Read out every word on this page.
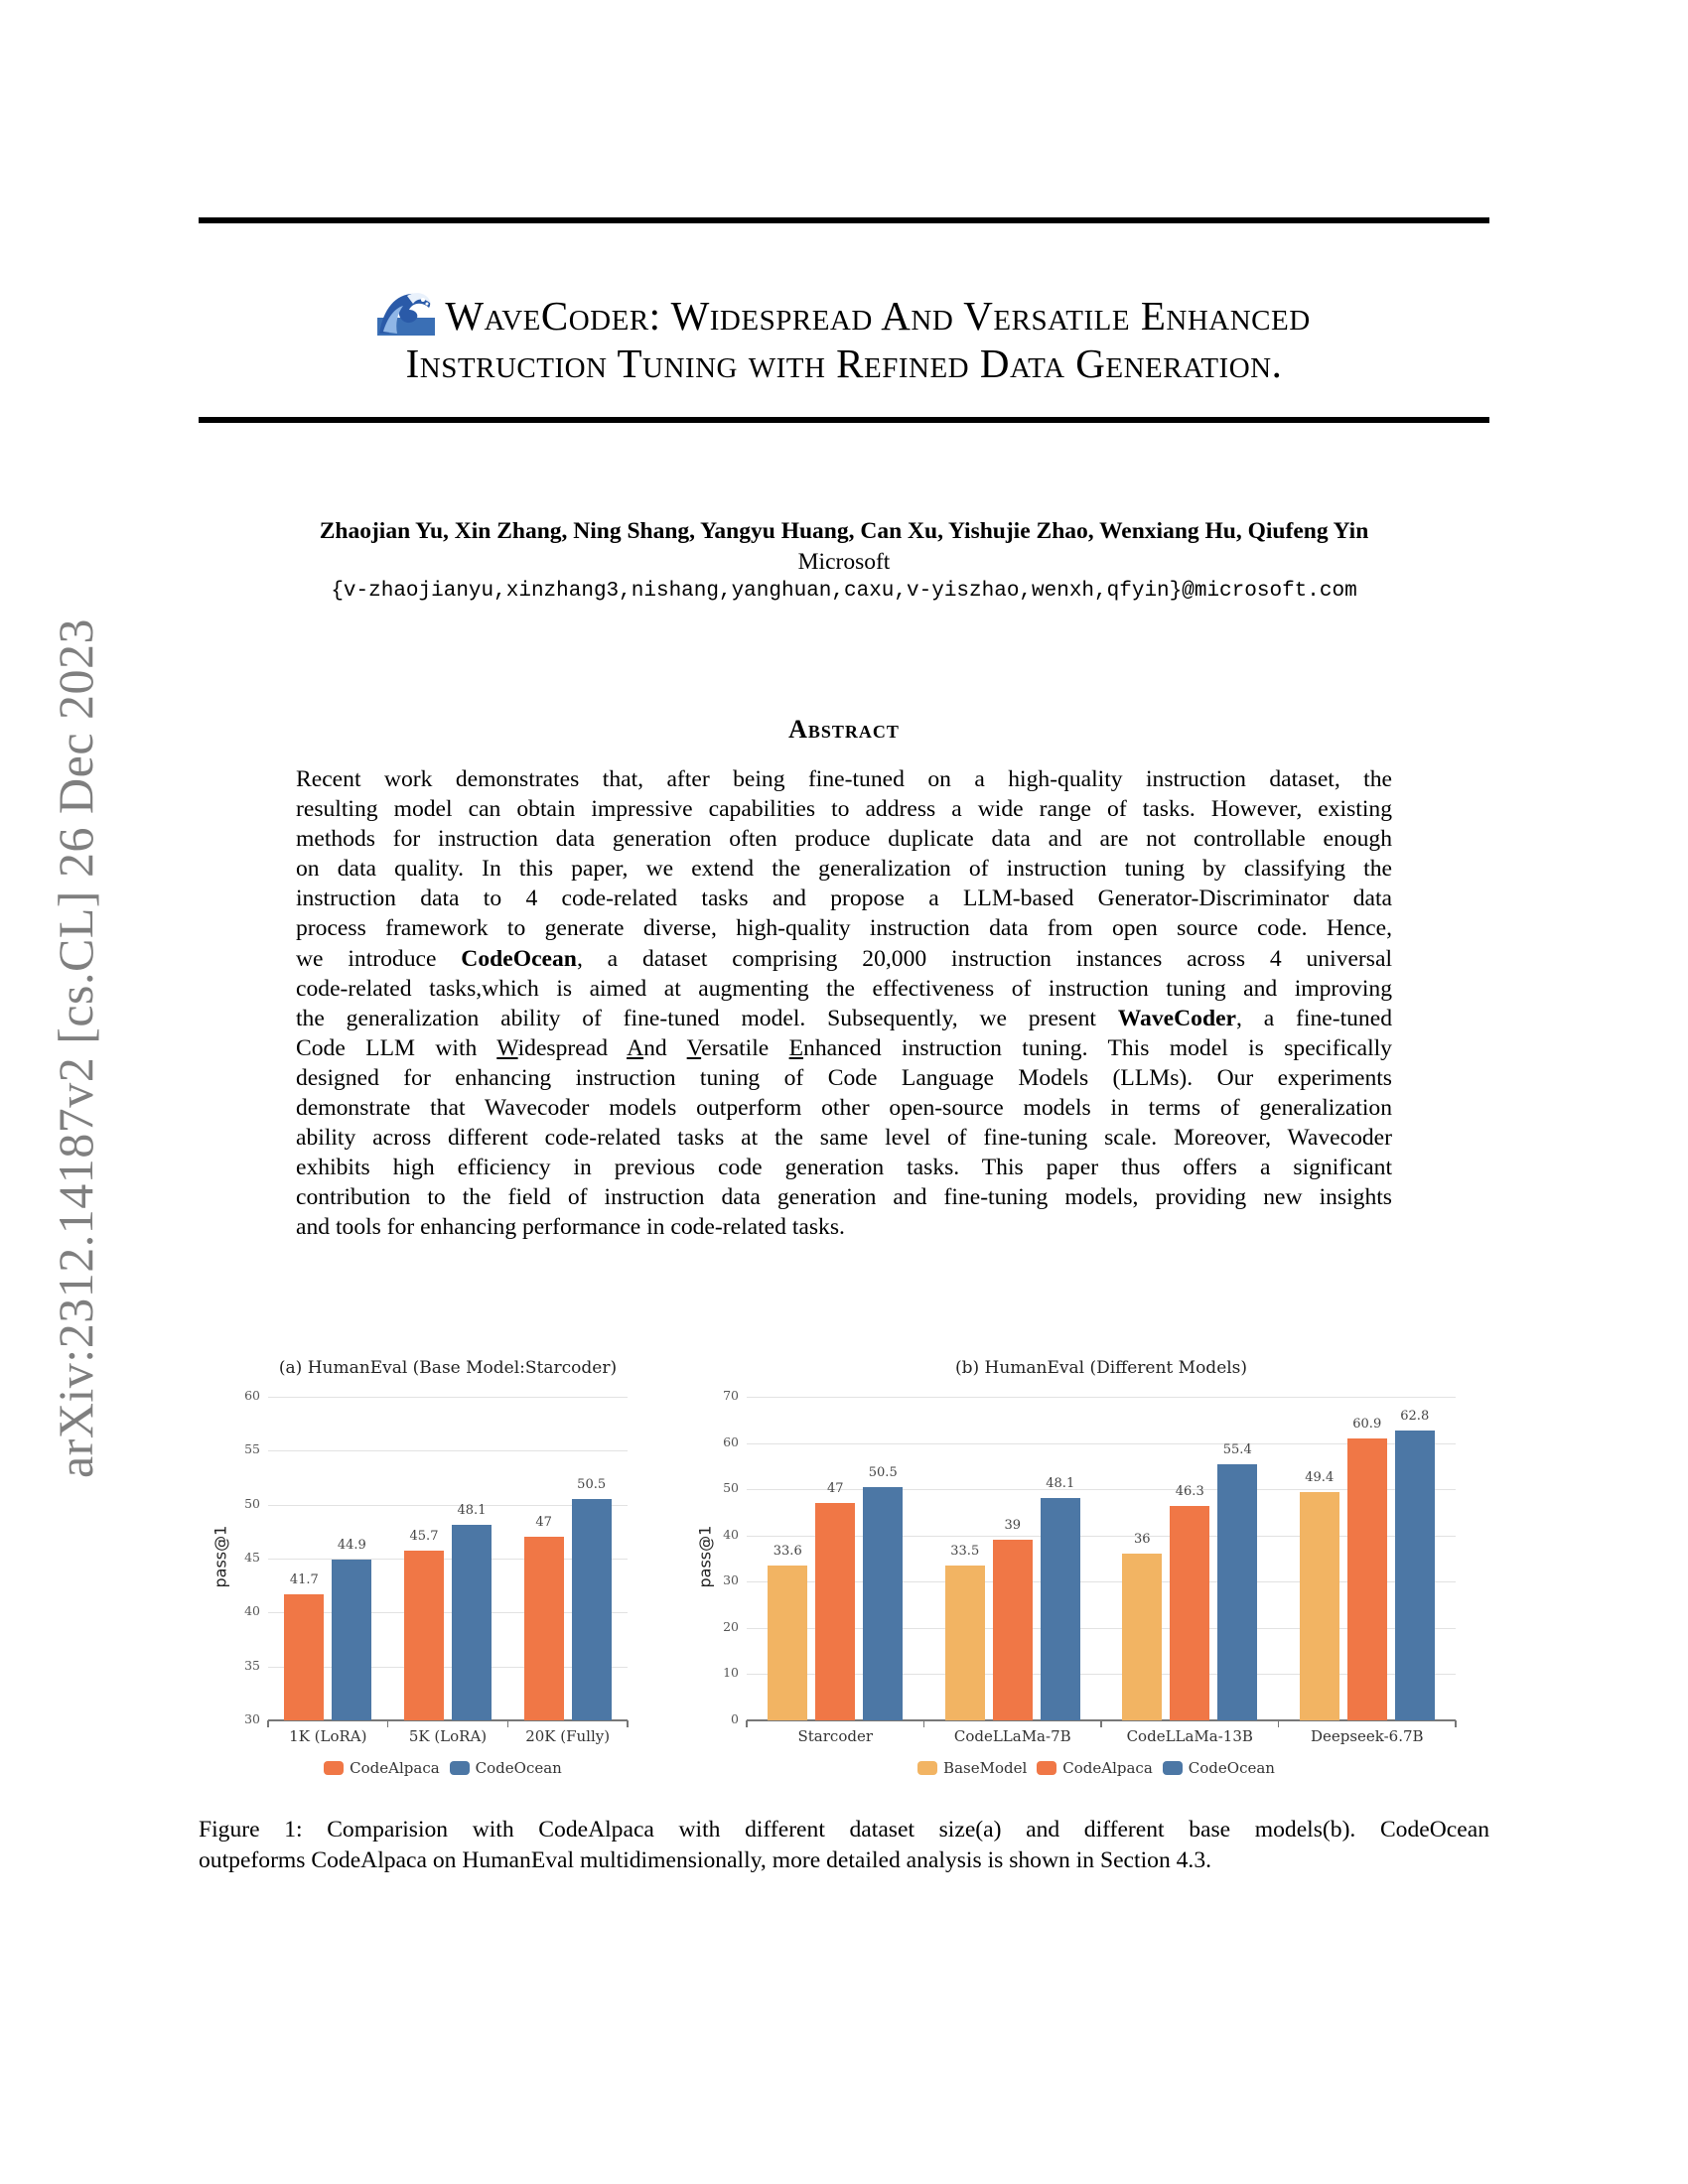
arXiv:2312.14187v2 [cs.CL] 26 Dec 2023
WaveCoder: Widespread And Versatile Enhanced
Instruction Tuning with Refined Data Generation.
Zhaojian Yu, Xin Zhang, Ning Shang, Yangyu Huang, Can Xu, Yishujie Zhao, Wenxiang Hu, Qiufeng Yin
Microsoft
{v-zhaojianyu,xinzhang3,nishang,yanghuan,caxu,v-yiszhao,wenxh,qfyin}@microsoft.com
Abstract
Recent work demonstrates that, after being fine-tuned on a high-quality instruction dataset, the
resulting model can obtain impressive capabilities to address a wide range of tasks. However, existing
methods for instruction data generation often produce duplicate data and are not controllable enough
on data quality. In this paper, we extend the generalization of instruction tuning by classifying the
instruction data to 4 code-related tasks and propose a LLM-based Generator-Discriminator data
process framework to generate diverse, high-quality instruction data from open source code. Hence,
we introduce CodeOcean, a dataset comprising 20,000 instruction instances across 4 universal
code-related tasks,which is aimed at augmenting the effectiveness of instruction tuning and improving
the generalization ability of fine-tuned model. Subsequently, we present WaveCoder, a fine-tuned
Code LLM with Widespread And Versatile Enhanced instruction tuning. This model is specifically
designed for enhancing instruction tuning of Code Language Models (LLMs). Our experiments
demonstrate that Wavecoder models outperform other open-source models in terms of generalization
ability across different code-related tasks at the same level of fine-tuning scale. Moreover, Wavecoder
exhibits high efficiency in previous code generation tasks. This paper thus offers a significant
contribution to the field of instruction data generation and fine-tuning models, providing new insights
and tools for enhancing performance in code-related tasks.
(a) HumanEval (Base Model:Starcoder)
pass@1
30
35
40
45
50
55
60
41.7
44.9
1K (LoRA)
45.7
48.1
5K (LoRA)
47
50.5
20K (Fully)
CodeAlpaca CodeOcean
(b) HumanEval (Different Models)
pass@1
0
10
20
30
40
50
60
70
33.6
47
50.5
Starcoder
33.5
39
48.1
CodeLLaMa-7B
36
46.3
55.4
CodeLLaMa-13B
49.4
60.9
62.8
Deepseek-6.7B
BaseModel CodeAlpaca CodeOcean
Figure 1: Comparision with CodeAlpaca with different dataset size(a) and different base models(b). CodeOcean
outpeforms CodeAlpaca on HumanEval multidimensionally, more detailed analysis is shown in Section 4.3.
